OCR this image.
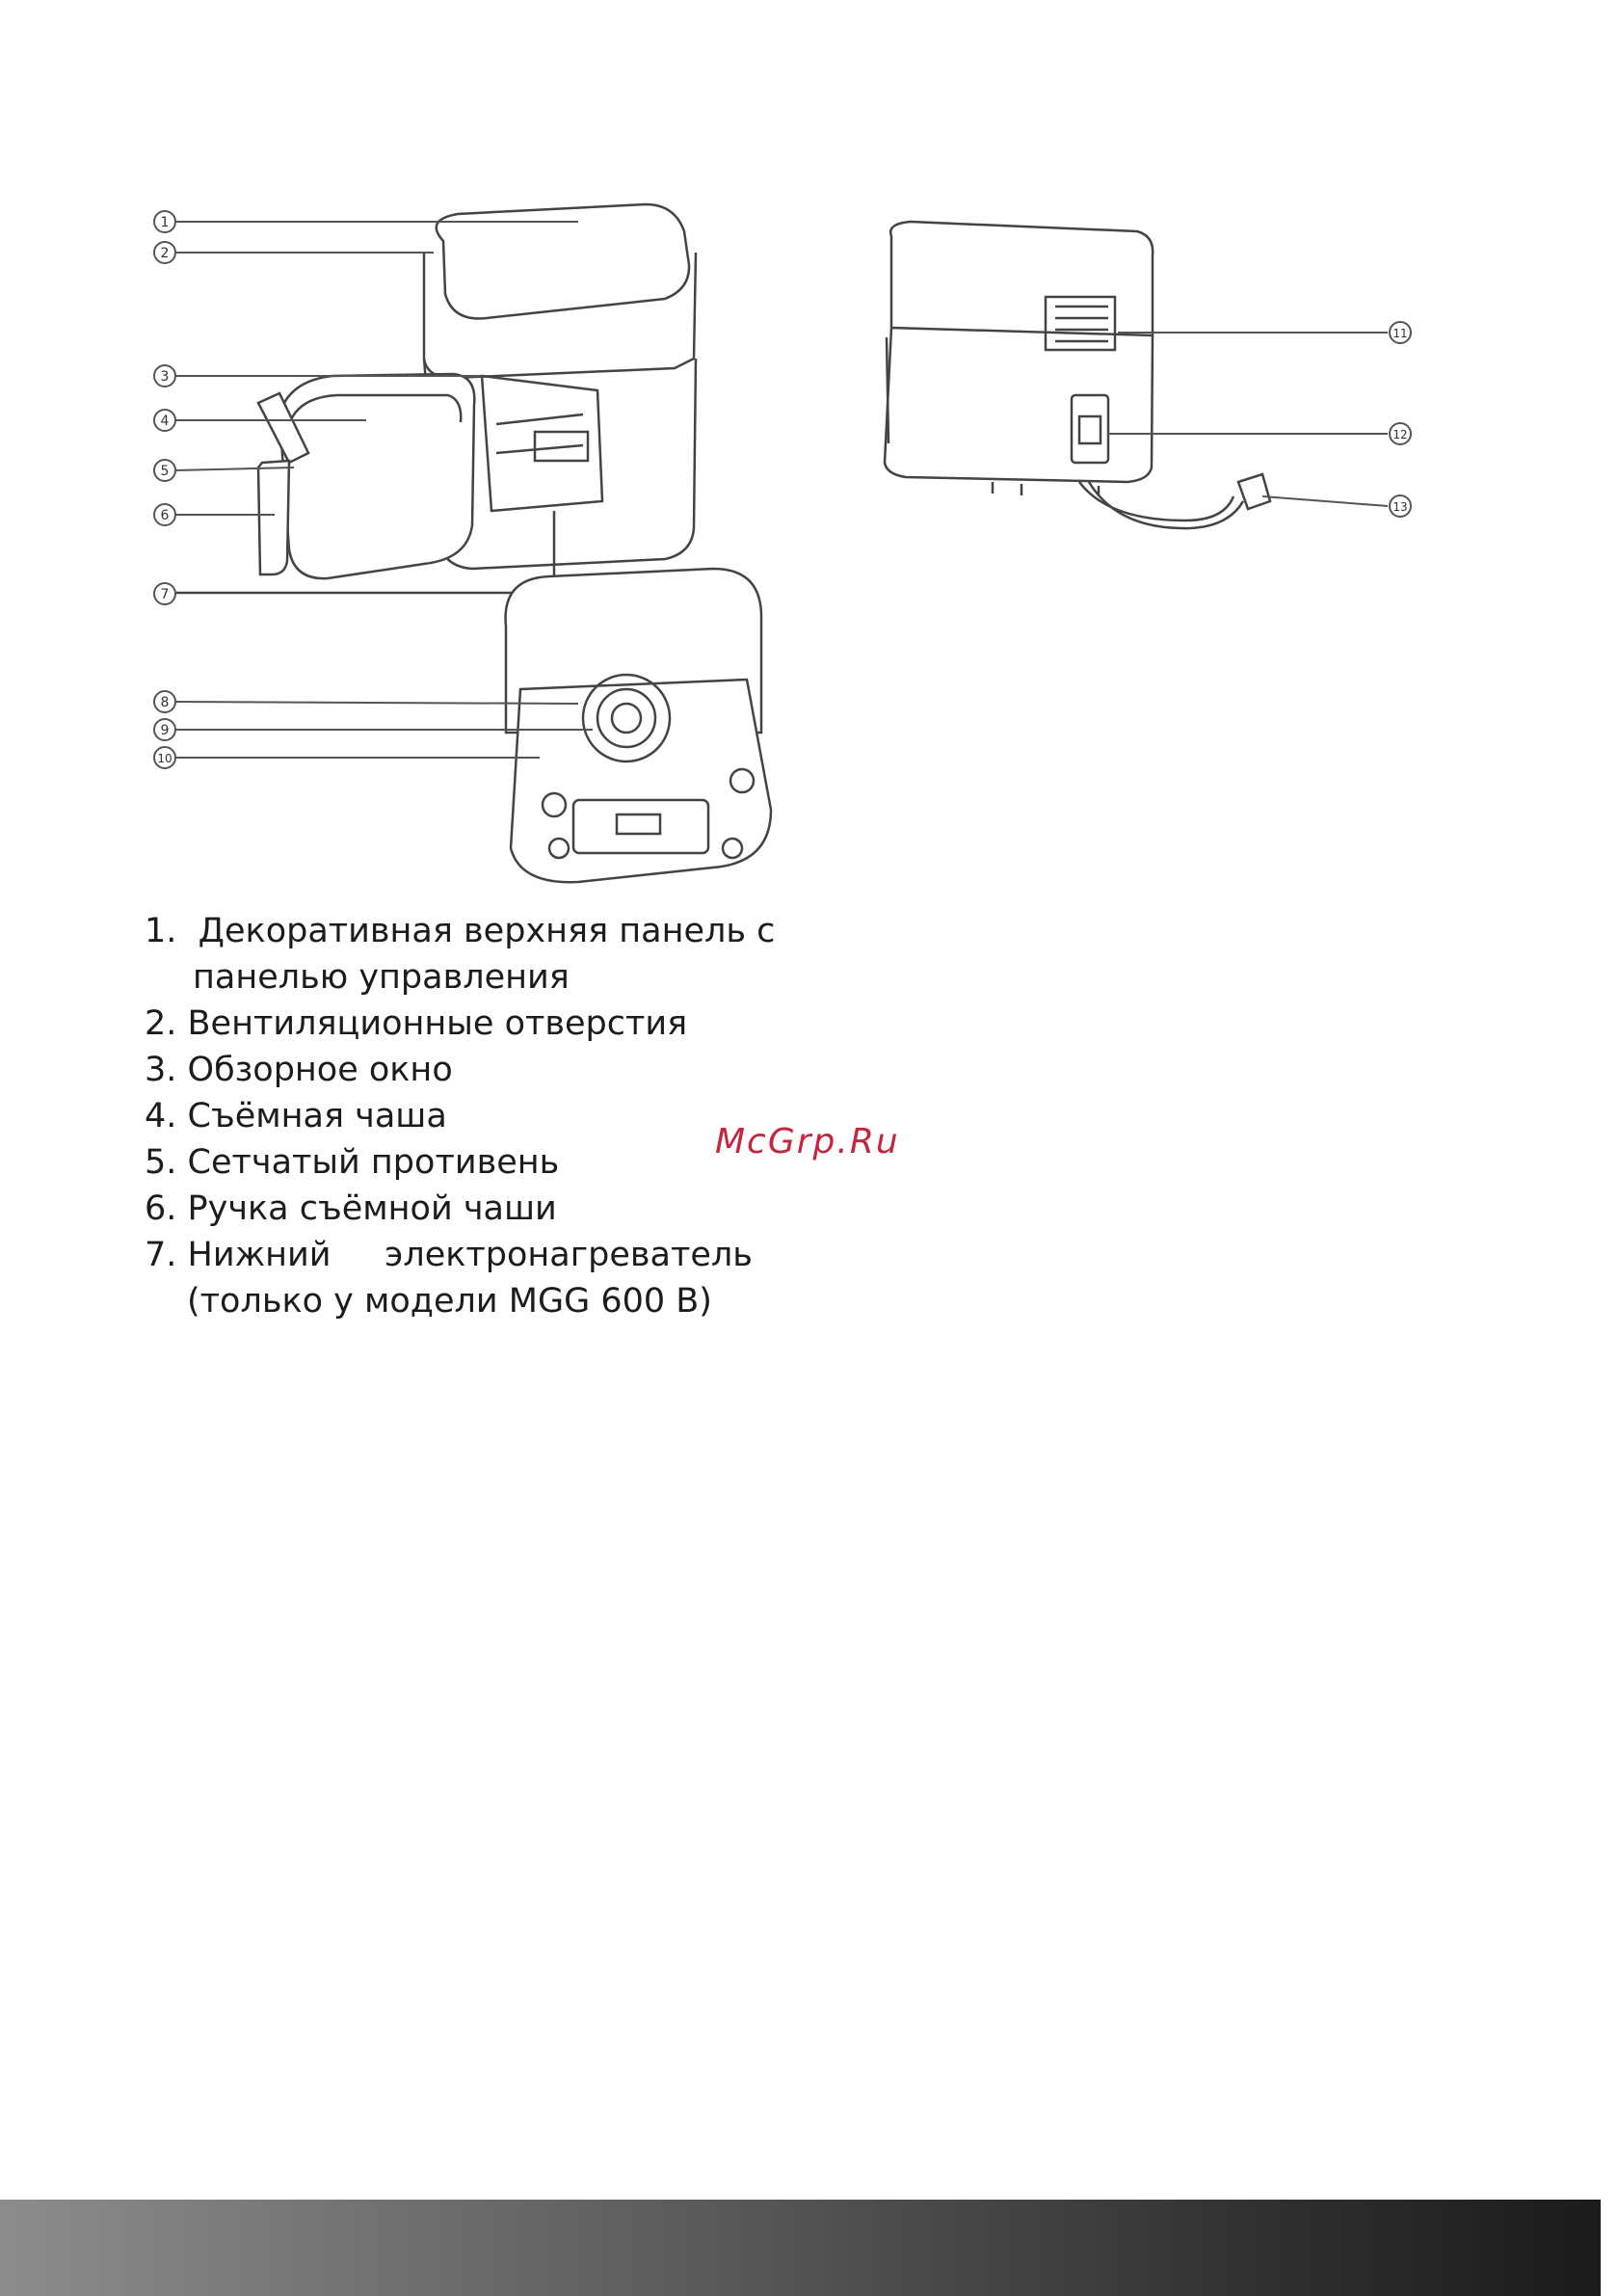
1
2
3
4
5
6
7
8
9
10
11
12
13
1. Декоративная верхняя панель с
панелью управления
2. Вентиляционные отверстия
3. Обзорное окно
4. Съёмная чаша
5. Сетчатый противень
6. Ручка съёмной чаши
7. Нижний     электронагреватель
(только у модели MGG 600 B)
McGrp.Ru
